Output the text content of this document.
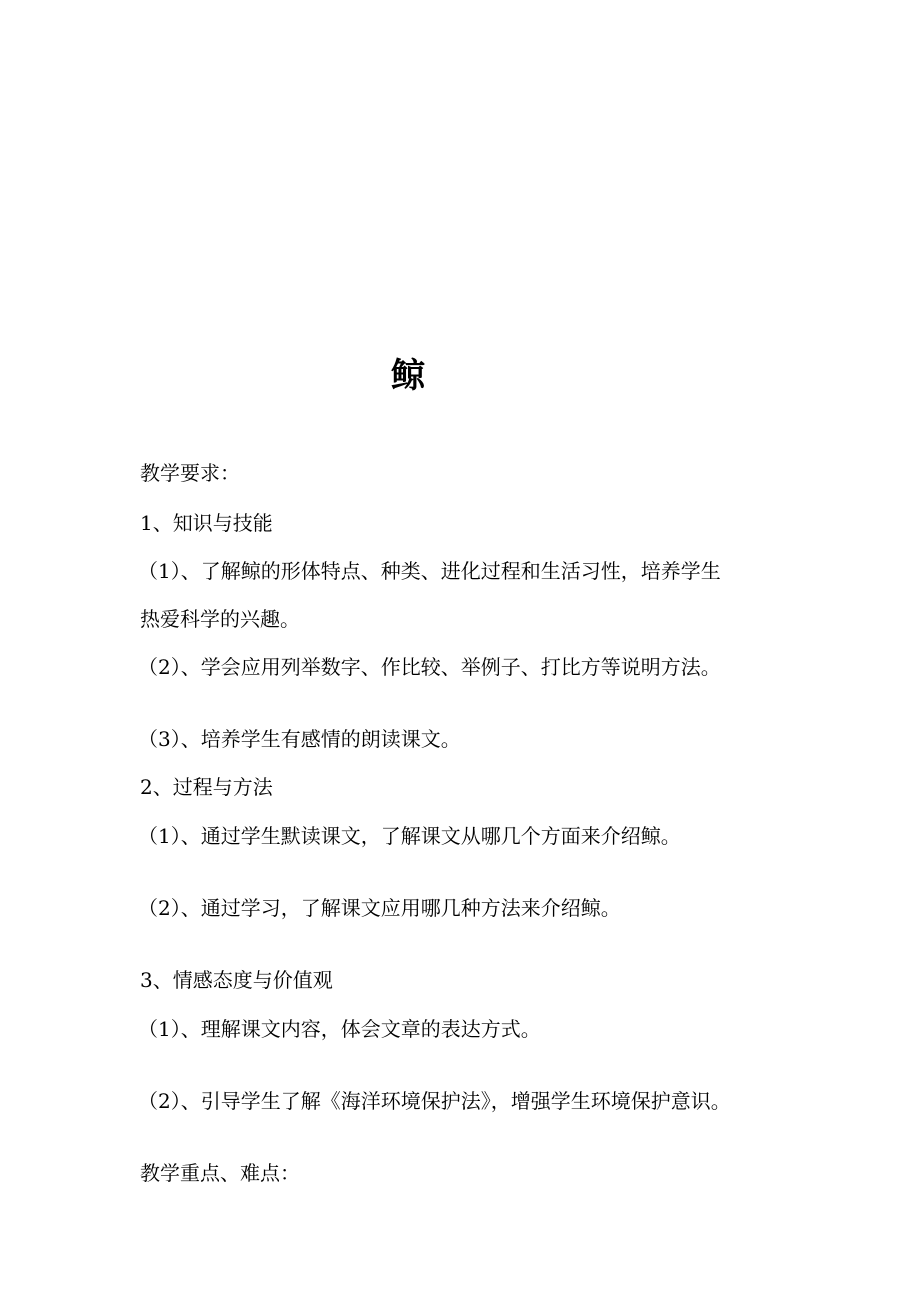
鲸
教学要求：
1、知识与技能
（1）、了解鲸的形体特点、种类、进化过程和生活习性，培养学生
热爱科学的兴趣。
（2）、学会应用列举数字、作比较、举例子、打比方等说明方法。
（3）、培养学生有感情的朗读课文。
2、过程与方法
（1）、通过学生默读课文，了解课文从哪几个方面来介绍鲸。
（2）、通过学习，了解课文应用哪几种方法来介绍鲸。
3、情感态度与价值观
（1）、理解课文内容，体会文章的表达方式。
（2）、引导学生了解《海洋环境保护法》，增强学生环境保护意识。
教学重点、难点：
